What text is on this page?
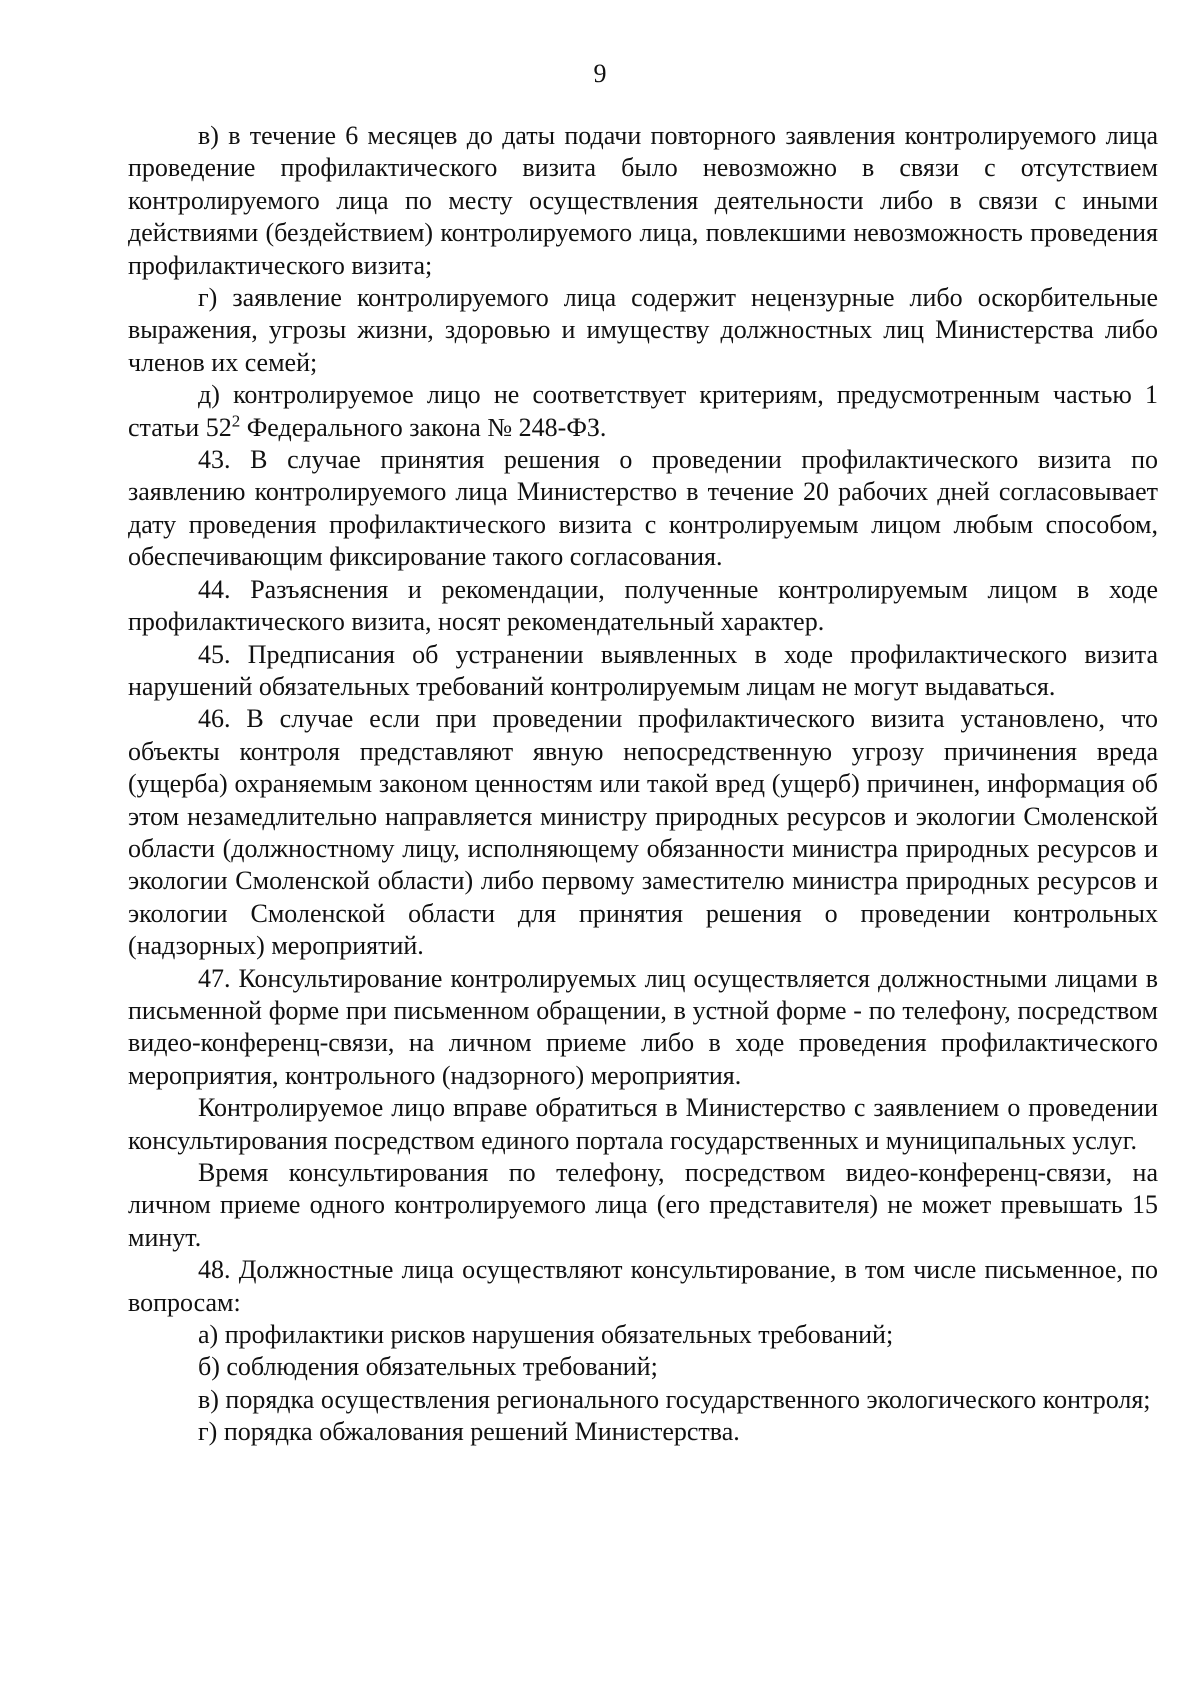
9

в) в течение 6 месяцев до даты подачи повторного заявления контролируемого лица проведение профилактического визита было невозможно в связи с отсутствием контролируемого лица по месту осуществления деятельности либо в связи с иными действиями (бездействием) контролируемого лица, повлекшими невозможность проведения профилактического визита;

г) заявление контролируемого лица содержит нецензурные либо оскорбительные выражения, угрозы жизни, здоровью и имуществу должностных лиц Министерства либо членов их семей;

д) контролируемое лицо не соответствует критериям, предусмотренным частью 1 статьи $52^2$ Федерального закона № 248-ФЗ.

43. В случае принятия решения о проведении профилактического визита по заявлению контролируемого лица Министерство в течение 20 рабочих дней согласовывает дату проведения профилактического визита с контролируемым лицом любым способом, обеспечивающим фиксирование такого согласования.

44. Разъяснения и рекомендации, полученные контролируемым лицом в ходе профилактического визита, носят рекомендательный характер.

45. Предписания об устранении выявленных в ходе профилактического визита нарушений обязательных требований контролируемым лицам не могут выдаваться.

46. В случае если при проведении профилактического визита установлено, что объекты контроля представляют явную непосредственную угрозу причинения вреда (ущерба) охраняемым законом ценностям или такой вред (ущерб) причинен, информация об этом незамедлительно направляется министру природных ресурсов и экологии Смоленской области (должностному лицу, исполняющему обязанности министра природных ресурсов и экологии Смоленской области) либо первому заместителю министра природных ресурсов и экологии Смоленской области для принятия решения о проведении контрольных (надзорных) мероприятий.

47. Консультирование контролируемых лиц осуществляется должностными лицами в письменной форме при письменном обращении, в устной форме - по телефону, посредством видео-конференц-связи, на личном приеме либо в ходе проведения профилактического мероприятия, контрольного (надзорного) мероприятия.

Контролируемое лицо вправе обратиться в Министерство с заявлением о проведении консультирования посредством единого портала государственных и муниципальных услуг.

Время консультирования по телефону, посредством видео-конференц-связи, на личном приеме одного контролируемого лица (его представителя) не может превышать 15 минут.

48. Должностные лица осуществляют консультирование, в том числе письменное, по вопросам:

а) профилактики рисков нарушения обязательных требований;

б) соблюдения обязательных требований;

в) порядка осуществления регионального государственного экологического контроля;

г) порядка обжалования решений Министерства.
